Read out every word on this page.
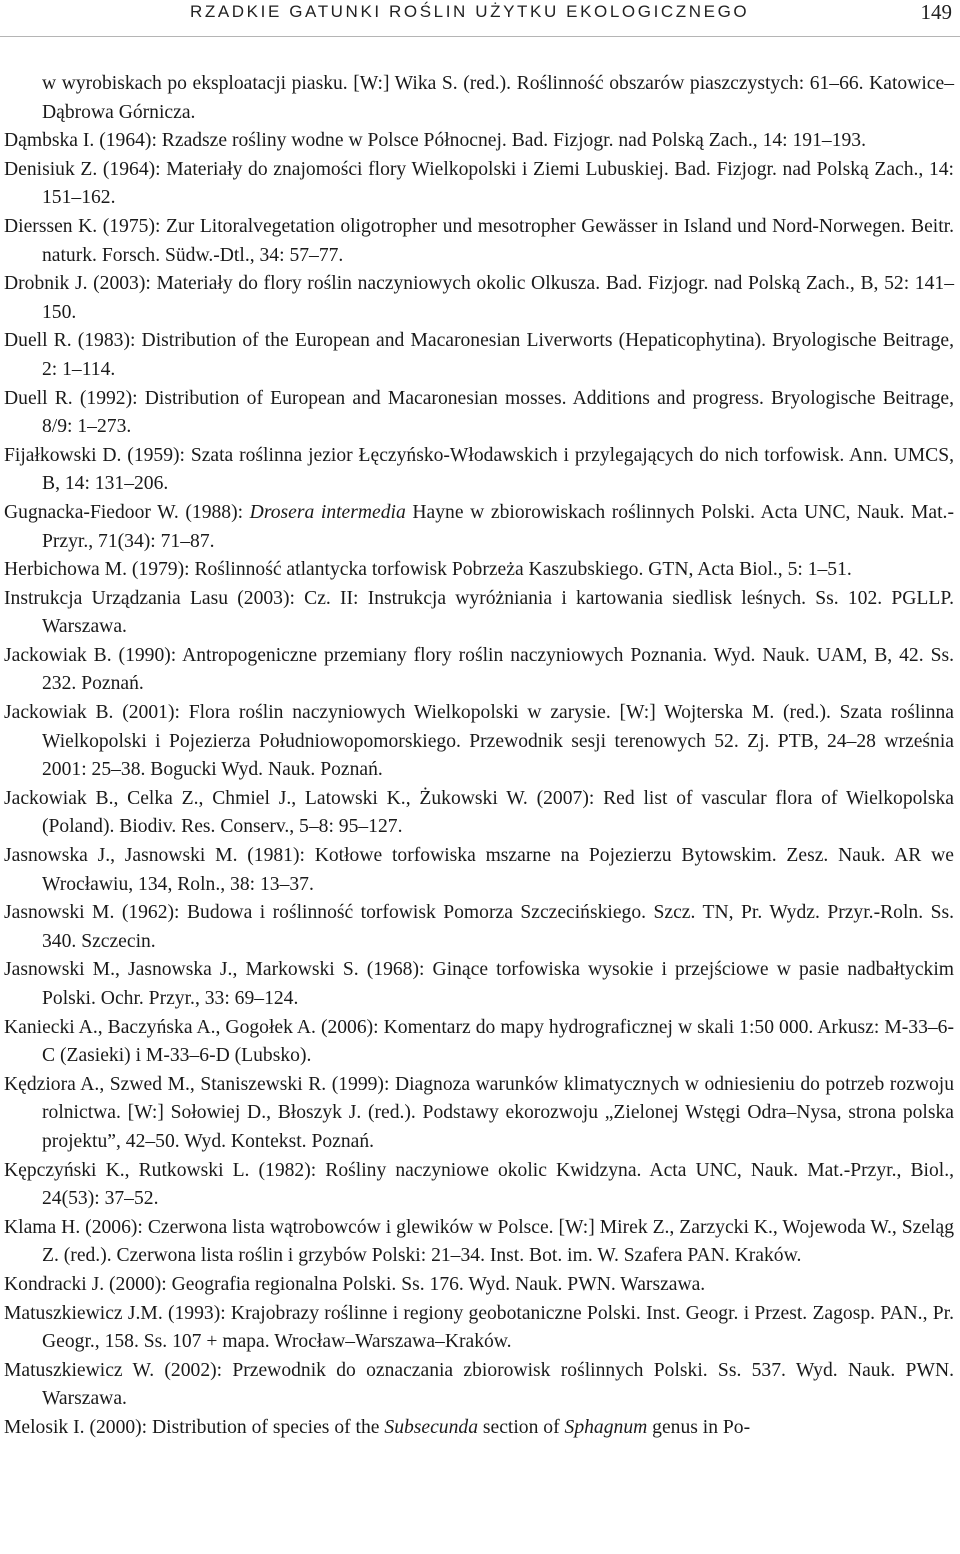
RZADKIE GATUNKI ROŚLIN UŻYTKU EKOLOGICZNEGO	149

w wyrobiskach po eksploatacji piasku. [W:] Wika S. (red.). Roślinność obszarów piaszczystych: 61–66. Katowice–Dąbrowa Górnicza.

Dąmbska I. (1964): Rzadsze rośliny wodne w Polsce Północnej. Bad. Fizjogr. nad Polską Zach., 14: 191–193.

Denisiuk Z. (1964): Materiały do znajomości flory Wielkopolski i Ziemi Lubuskiej. Bad. Fizjogr. nad Polską Zach., 14: 151–162.

Dierssen K. (1975): Zur Litoralvegetation oligotropher und mesotropher Gewässer in Island und Nord-Norwegen. Beitr. naturk. Forsch. Südw.-Dtl., 34: 57–77.

Drobnik J. (2003): Materiały do flory roślin naczyniowych okolic Olkusza. Bad. Fizjogr. nad Polską Zach., B, 52: 141–150.

Duell R. (1983): Distribution of the European and Macaronesian Liverworts (Hepaticophytina). Bryologische Beitrage, 2: 1–114.

Duell R. (1992): Distribution of European and Macaronesian mosses. Additions and progress. Bryologische Beitrage, 8/9: 1–273.

Fijałkowski D. (1959): Szata roślinna jezior Łęczyńsko-Włodawskich i przylegających do nich torfowisk. Ann. UMCS, B, 14: 131–206.

Gugnacka-Fiedoor W. (1988): Drosera intermedia Hayne w zbiorowiskach roślinnych Polski. Acta UNC, Nauk. Mat.-Przyr., 71(34): 71–87.

Herbichowa M. (1979): Roślinność atlantycka torfowisk Pobrzeża Kaszubskiego. GTN, Acta Biol., 5: 1–51.

Instrukcja Urządzania Lasu (2003): Cz. II: Instrukcja wyróżniania i kartowania siedlisk leśnych. Ss. 102. PGLLP. Warszawa.

Jackowiak B. (1990): Antropogeniczne przemiany flory roślin naczyniowych Poznania. Wyd. Nauk. UAM, B, 42. Ss. 232. Poznań.

Jackowiak B. (2001): Flora roślin naczyniowych Wielkopolski w zarysie. [W:] Wojterska M. (red.). Szata roślinna Wielkopolski i Pojezierza Południowopomorskiego. Przewodnik sesji terenowych 52. Zj. PTB, 24–28 września 2001: 25–38. Bogucki Wyd. Nauk. Poznań.

Jackowiak B., Celka Z., Chmiel J., Latowski K., Żukowski W. (2007): Red list of vascular flora of Wielkopolska (Poland). Biodiv. Res. Conserv., 5–8: 95–127.

Jasnowska J., Jasnowski M. (1981): Kotłowe torfowiska mszarne na Pojezierzu Bytowskim. Zesz. Nauk. AR we Wrocławiu, 134, Roln., 38: 13–37.

Jasnowski M. (1962): Budowa i roślinność torfowisk Pomorza Szczecińskiego. Szcz. TN, Pr. Wydz. Przyr.-Roln. Ss. 340. Szczecin.

Jasnowski M., Jasnowska J., Markowski S. (1968): Ginące torfowiska wysokie i przejściowe w pasie nadbałtyckim Polski. Ochr. Przyr., 33: 69–124.

Kaniecki A., Baczyńska A., Gogołek A. (2006): Komentarz do mapy hydrograficznej w skali 1:50 000. Arkusz: M-33–6-C (Zasieki) i M-33–6-D (Lubsko).

Kędziora A., Szwed M., Staniszewski R. (1999): Diagnoza warunków klimatycznych w odniesieniu do potrzeb rozwoju rolnictwa. [W:] Sołowiej D., Błoszyk J. (red.). Podstawy ekorozwoju „Zielonej Wstęgi Odra–Nysa, strona polska projektu”, 42–50. Wyd. Kontekst. Poznań.

Kępczyński K., Rutkowski L. (1982): Rośliny naczyniowe okolic Kwidzyna. Acta UNC, Nauk. Mat.-Przyr., Biol., 24(53): 37–52.

Klama H. (2006): Czerwona lista wątrobowców i glewików w Polsce. [W:] Mirek Z., Zarzycki K., Wojewoda W., Szeląg Z. (red.). Czerwona lista roślin i grzybów Polski: 21–34. Inst. Bot. im. W. Szafera PAN. Kraków.

Kondracki J. (2000): Geografia regionalna Polski. Ss. 176. Wyd. Nauk. PWN. Warszawa.

Matuszkiewicz J.M. (1993): Krajobrazy roślinne i regiony geobotaniczne Polski. Inst. Geogr. i Przest. Zagosp. PAN., Pr. Geogr., 158. Ss. 107 + mapa. Wrocław–Warszawa–Kraków.

Matuszkiewicz W. (2002): Przewodnik do oznaczania zbiorowisk roślinnych Polski. Ss. 537. Wyd. Nauk. PWN. Warszawa.

Melosik I. (2000): Distribution of species of the Subsecunda section of Sphagnum genus in Po-
